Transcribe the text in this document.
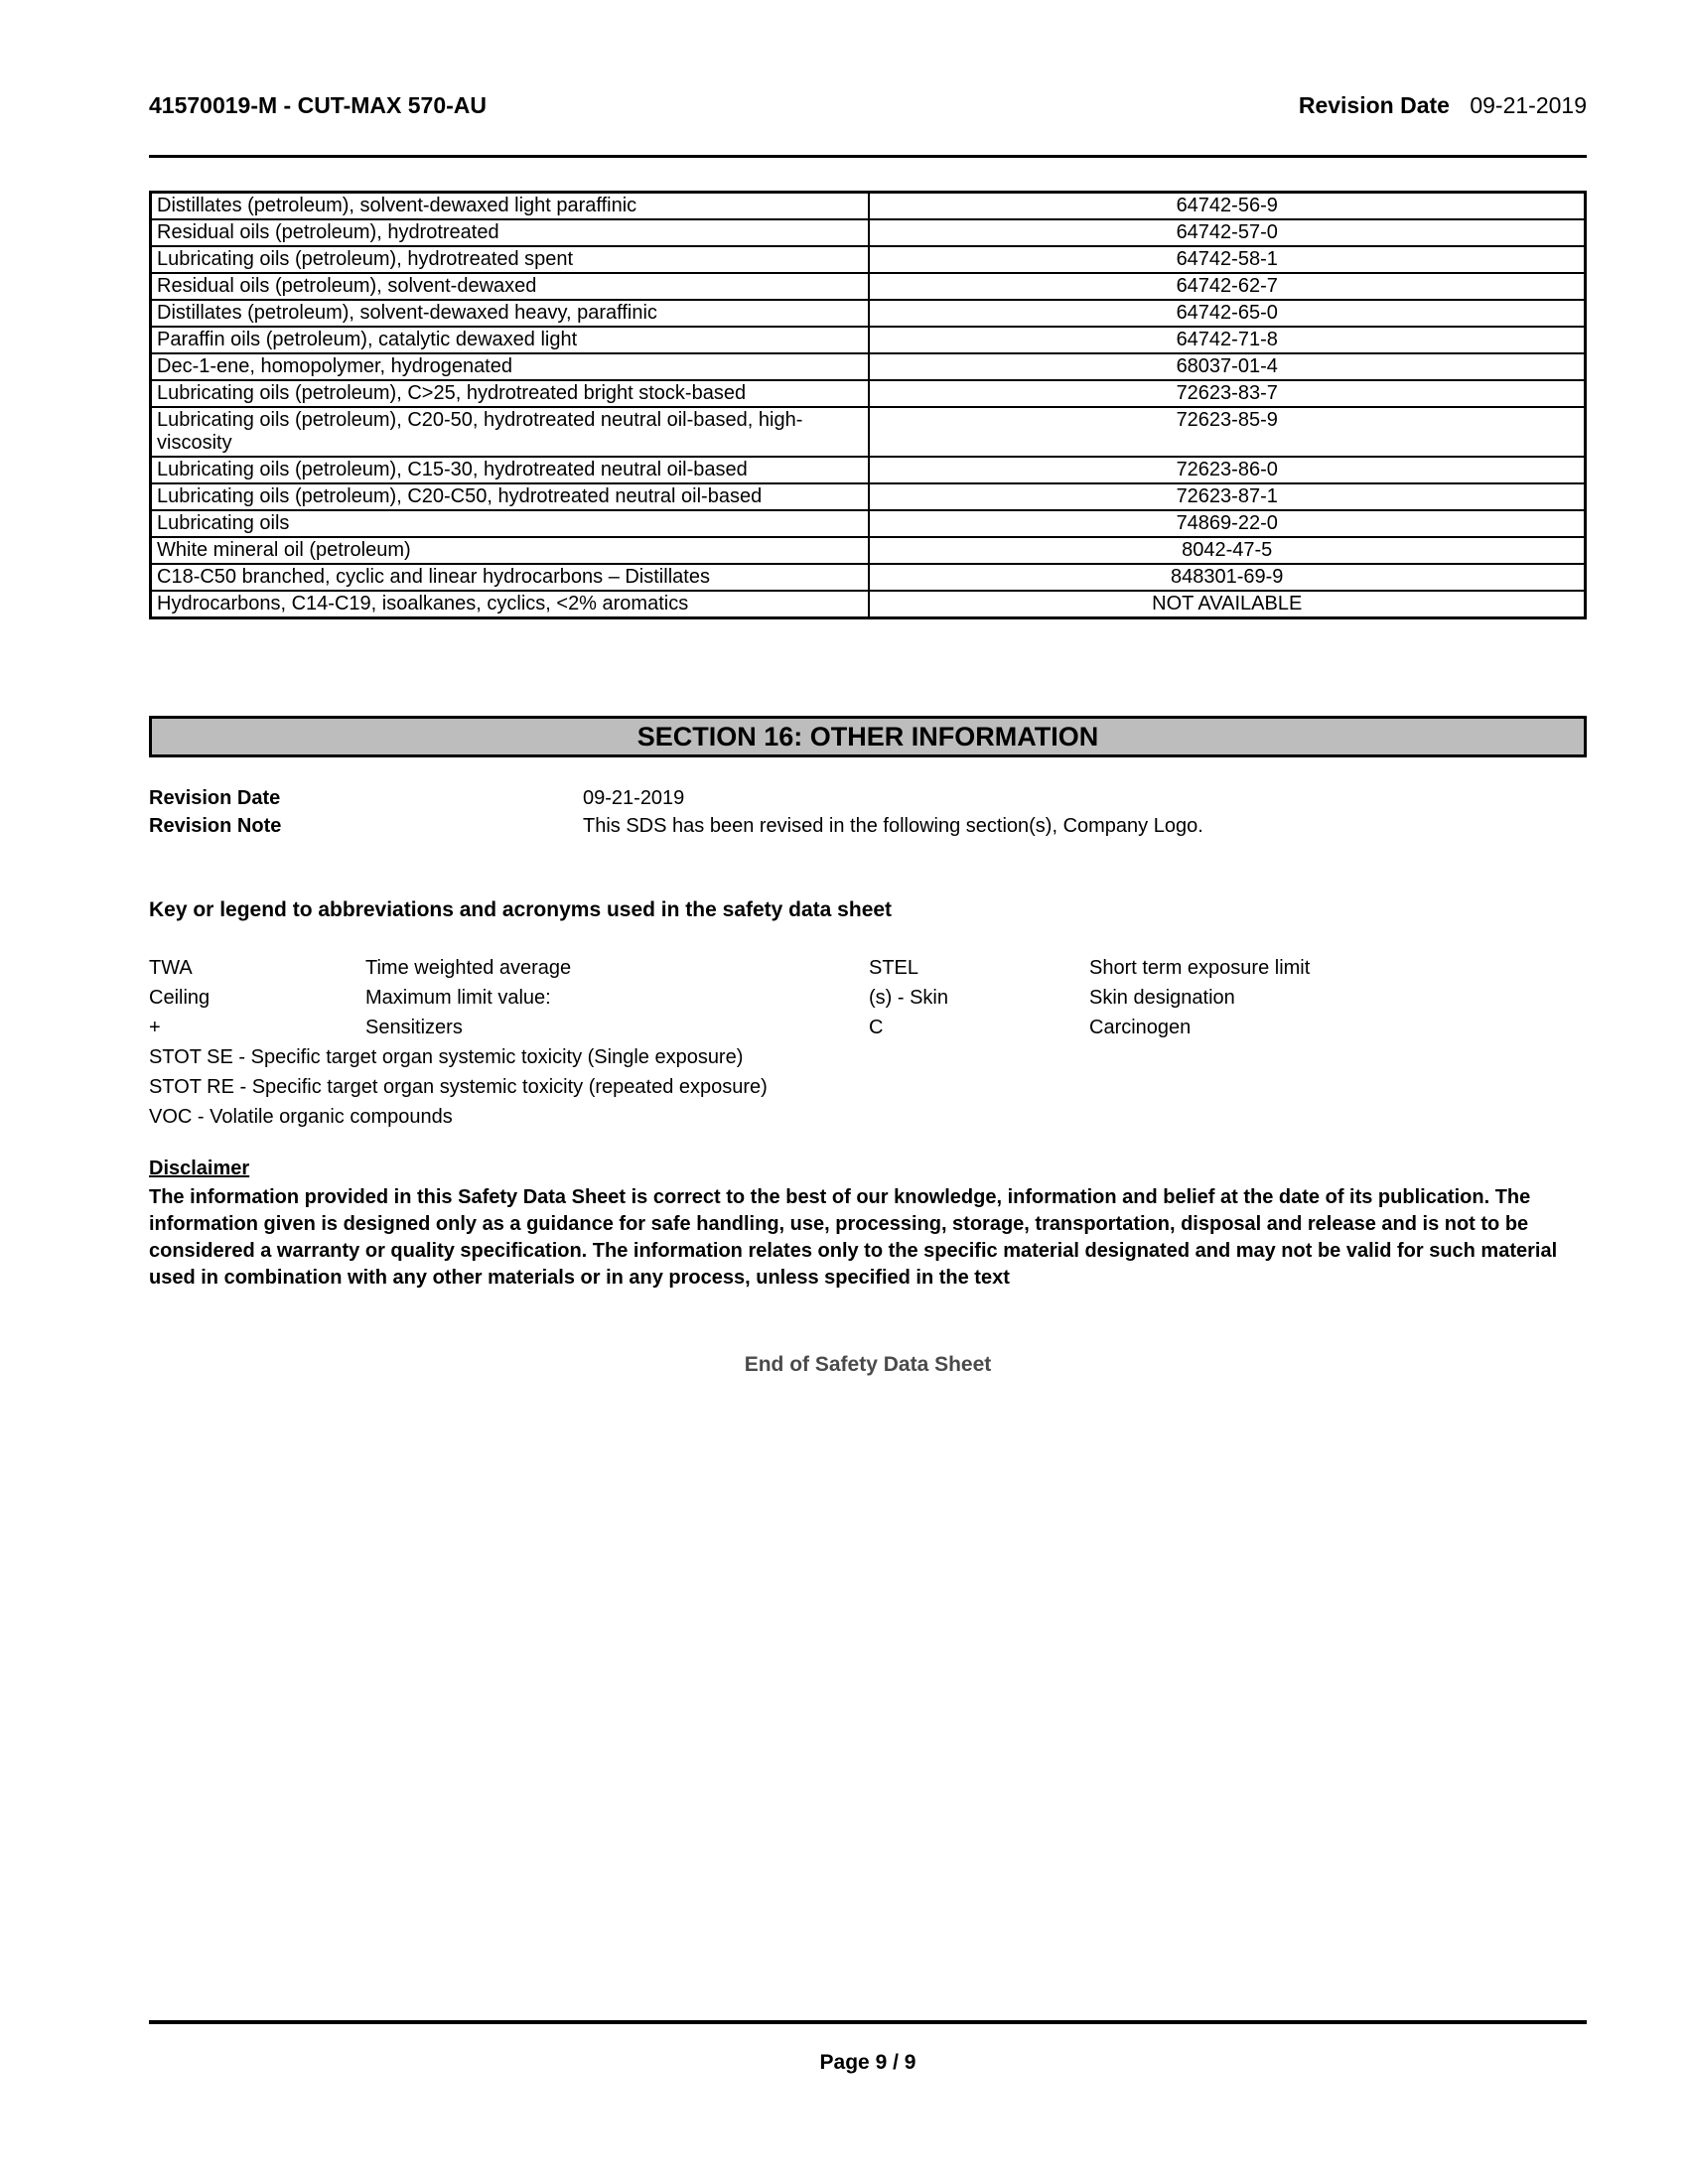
41570019-M - CUT-MAX 570-AU	Revision Date 09-21-2019
Distillates (petroleum), solvent-dewaxed light paraffinic	64742-56-9
Residual oils (petroleum), hydrotreated	64742-57-0
Lubricating oils (petroleum), hydrotreated spent	64742-58-1
Residual oils (petroleum), solvent-dewaxed	64742-62-7
Distillates (petroleum), solvent-dewaxed heavy, paraffinic	64742-65-0
Paraffin oils (petroleum), catalytic dewaxed light	64742-71-8
Dec-1-ene, homopolymer, hydrogenated	68037-01-4
Lubricating oils (petroleum), C>25, hydrotreated bright stock-based	72623-83-7
Lubricating oils (petroleum), C20-50, hydrotreated neutral oil-based, high-viscosity	72623-85-9
Lubricating oils (petroleum), C15-30, hydrotreated neutral oil-based	72623-86-0
Lubricating oils (petroleum), C20-C50, hydrotreated neutral oil-based	72623-87-1
Lubricating oils	74869-22-0
White mineral oil (petroleum)	8042-47-5
C18-C50 branched, cyclic and linear hydrocarbons – Distillates	848301-69-9
Hydrocarbons, C14-C19, isoalkanes, cyclics, <2% aromatics	NOT AVAILABLE
SECTION 16: OTHER INFORMATION
Revision Date	09-21-2019
Revision Note	This SDS has been revised in the following section(s), Company Logo.
Key or legend to abbreviations and acronyms used in the safety data sheet
TWA	Time weighted average	STEL	Short term exposure limit
Ceiling	Maximum limit value:	(s) - Skin	Skin designation
+	Sensitizers	C	Carcinogen
STOT SE - Specific target organ systemic toxicity (Single exposure)
STOT RE - Specific target organ systemic toxicity (repeated exposure)
VOC - Volatile organic compounds
Disclaimer
The information provided in this Safety Data Sheet is correct to the best of our knowledge, information and belief at the date of its publication. The information given is designed only as a guidance for safe handling, use, processing, storage, transportation, disposal and release and is not to be considered a warranty or quality specification. The information relates only to the specific material designated and may not be valid for such material used in combination with any other materials or in any process, unless specified in the text
End of Safety Data Sheet
Page 9 / 9
